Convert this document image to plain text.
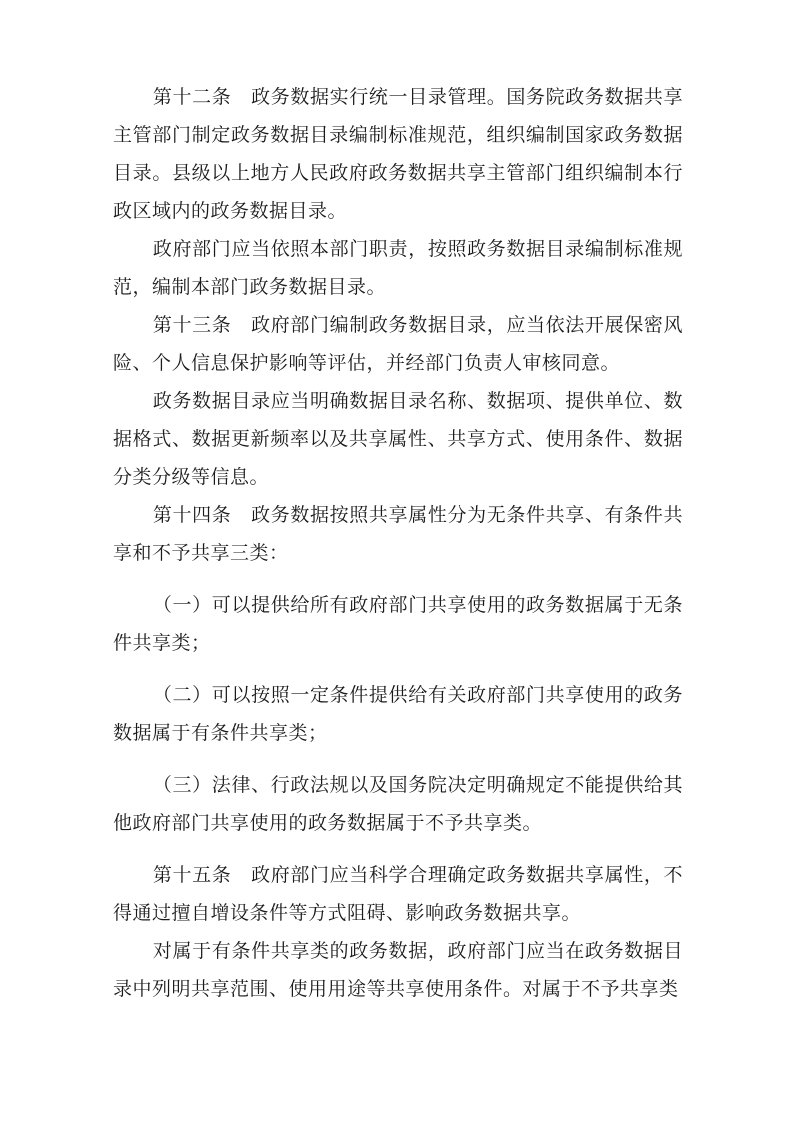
第十二条　政务数据实行统一目录管理。国务院政务数据共享主管部门制定政务数据目录编制标准规范，组织编制国家政务数据目录。县级以上地方人民政府政务数据共享主管部门组织编制本行政区域内的政务数据目录。

政府部门应当依照本部门职责，按照政务数据目录编制标准规范，编制本部门政务数据目录。

第十三条　政府部门编制政务数据目录，应当依法开展保密风险、个人信息保护影响等评估，并经部门负责人审核同意。

政务数据目录应当明确数据目录名称、数据项、提供单位、数据格式、数据更新频率以及共享属性、共享方式、使用条件、数据分类分级等信息。

第十四条　政务数据按照共享属性分为无条件共享、有条件共享和不予共享三类：

（一）可以提供给所有政府部门共享使用的政务数据属于无条件共享类；

（二）可以按照一定条件提供给有关政府部门共享使用的政务数据属于有条件共享类；

（三）法律、行政法规以及国务院决定明确规定不能提供给其他政府部门共享使用的政务数据属于不予共享类。

第十五条　政府部门应当科学合理确定政务数据共享属性，不得通过擅自增设条件等方式阻碍、影响政务数据共享。

对属于有条件共享类的政务数据，政府部门应当在政务数据目录中列明共享范围、使用用途等共享使用条件。对属于不予共享类
